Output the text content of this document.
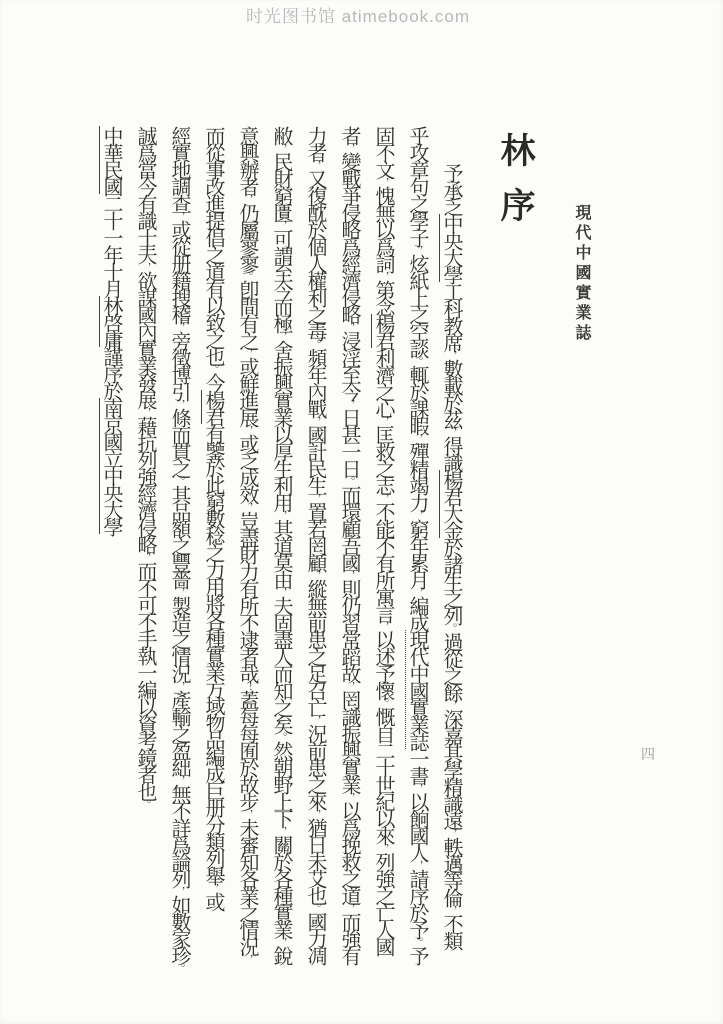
时光图书馆 atimebook.com
現代中國實業誌
林序
四
予承乏中央大學工科教席，數載於茲，得識楊君大金於諸生之列。過從之餘，深嘉其學精識遠，軼邁等倫，不類
乎攻章句之學子，炫紙上之空談。輒於課暇，殫精竭力，窮年累月，編成現代中國實業誌一書，以餉國人，請序於予。予
固不文，愧無以爲詞，第念楊君利濟之心，匡救之志，不能不有所寓言，以述予懷。慨自二十世紀以來，列強之亡人國
者，變戰爭侵略爲經濟侵略，浸淫至今，日甚一日。而環顧吾國，則仍習常蹈故，罔識振興實業，以爲挽救之道，而強有
力者，又復酖於個人權利之毒。頻年內戰，國計民生，置若罔顧，縱無前患之足召亡，況前患之來，猶日未艾也。國力凋
敝，民財窮匱，可謂至今而極，舍振興實業以厚生利用，其道莫由，夫固盡人而知之矣。然朝野上下，關於各種實業，銳
意興辦者，仍屬寥寥。卽間有之，或鮮進展，或乏成效，豈盡財力有所不逮者哉！蓋每每囿於故步，未審知各業之情況，
而從事改進提倡之道有以致之也。今楊君有鑒於此窮數稔之力用將各種實業方域物品編成巨册分類列舉，或
經實地調查，或從册籍搜稽，旁徵博引，條而貫之。其品額之豐嗇，製造之情況，產輸之盈絀，無不詳爲論列，如數家珍。
誠爲當今有識士夫，欲謀國內實業發展，藉抗列強經濟侵略，而不可不手執一編以資考鏡者也。
中華民國二十一年十月林啓庸謹序於南京國立中央大學
